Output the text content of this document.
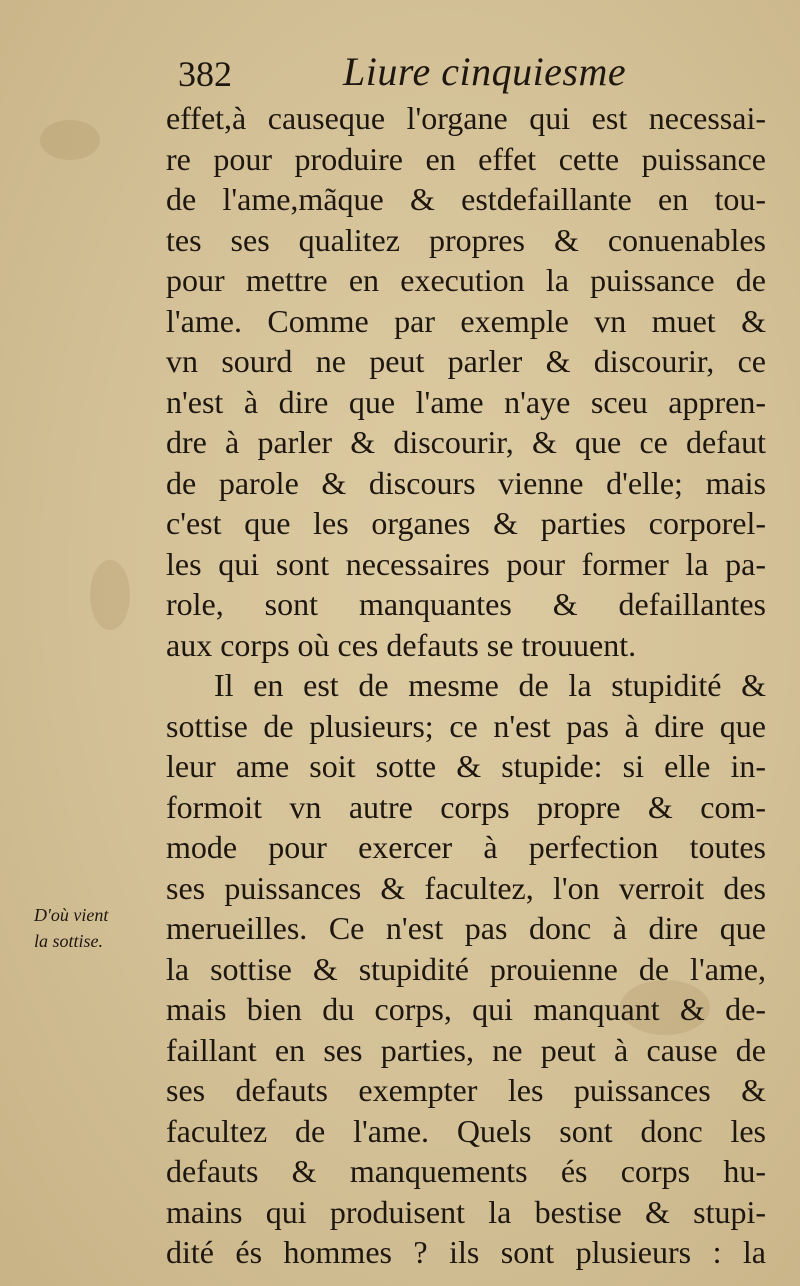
382	Liure cinquiesme
D'où vient
la sottise.
effet,à causeque l'organe qui est necessai-
re pour produire en effet cette puissance
de l'ame,mãque & estdefaillante en tou-
tes ses qualitez propres & conuenables
pour mettre en execution la puissance de
l'ame. Comme par exemple vn muet &
vn sourd ne peut parler & discourir, ce
n'est à dire que l'ame n'aye sceu appren-
dre à parler & discourir, & que ce defaut
de parole & discours vienne d'elle; mais
c'est que les organes & parties corporel-
les qui sont necessaires pour former la pa-
role, sont manquantes & defaillantes
aux corps où ces defauts se trouuent.
Il en est de mesme de la stupidité &
sottise de plusieurs; ce n'est pas à dire que
leur ame soit sotte & stupide: si elle in-
formoit vn autre corps propre & com-
mode pour exercer à perfection toutes
ses puissances & facultez, l'on verroit des
merueilles. Ce n'est pas donc à dire que
la sottise & stupidité prouienne de l'ame,
mais bien du corps, qui manquant & de-
faillant en ses parties, ne peut à cause de
ses defauts exempter les puissances &
facultez de l'ame. Quels sont donc les
defauts & manquements és corps hu-
mains qui produisent la bestise & stupi-
dité és hommes ? ils sont plusieurs : la
